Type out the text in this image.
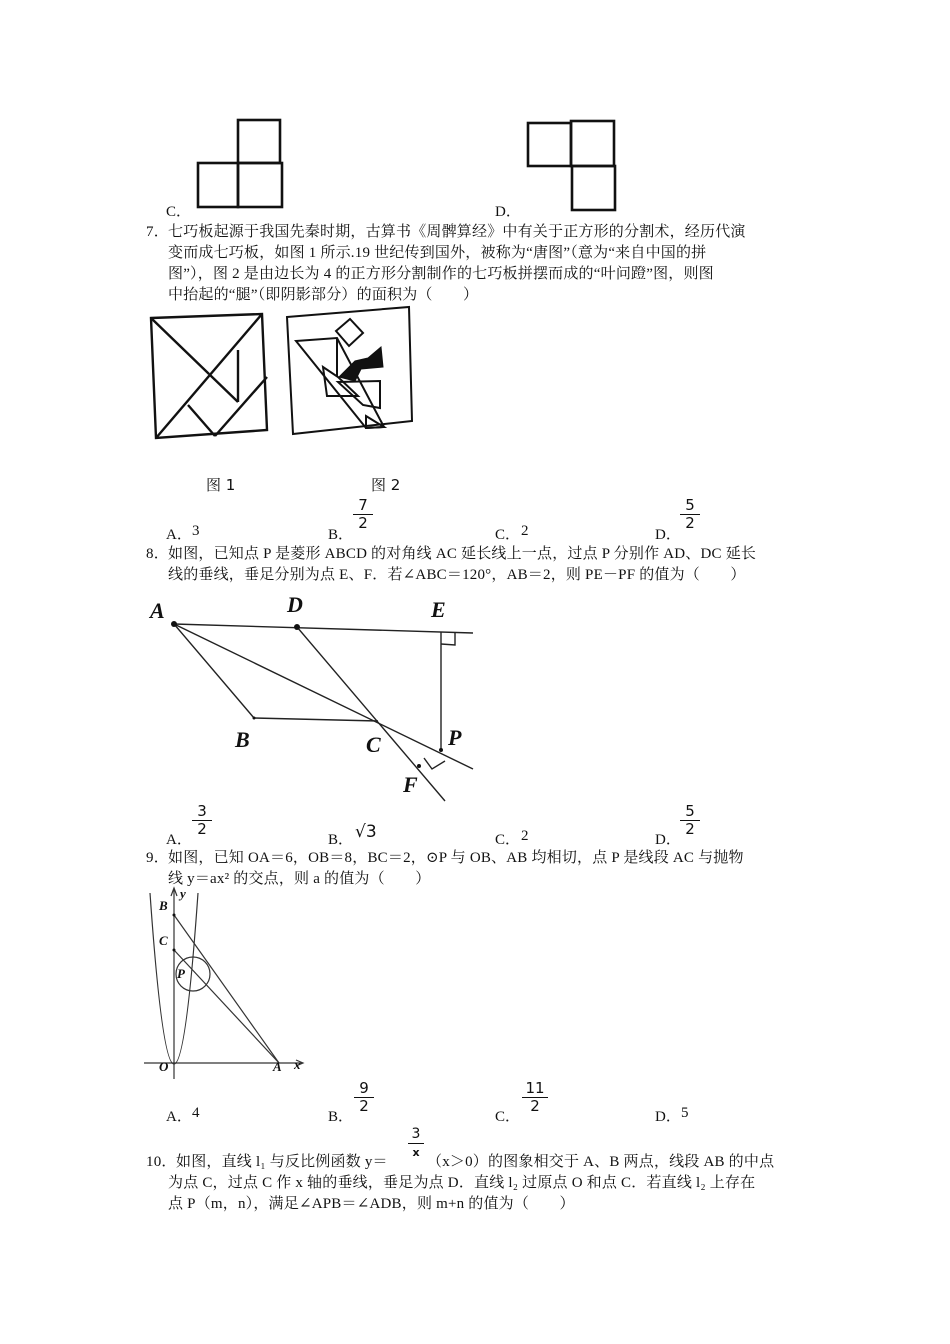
C．	D．
7． 七巧板起源于我国先秦时期，古算书《周髀算经》中有关于正方形的分割术，经历代演
变而成七巧板，如图 1 所示.19 世纪传到国外，被称为“唐图”（意为“来自中国的拼
图”），图 2 是由边长为 4 的正方形分割制作的七巧板拼摆而成的“叶问蹬”图，则图
中抬起的“腿”（即阴影部分）的面积为（　　）
图 1	图 2
A． 3	B．
$\frac{7}{2}$
C． 2	D．
$\frac{5}{2}$
8． 如图，已知点 P 是菱形 ABCD 的对角线 AC 延长线上一点，过点 P 分别作 AD、DC 延长
线的垂线，垂足分别为点 E、F．若∠ABC＝120°，AB＝2，则 PE－PF 的值为（　　）
A	D	E
B	C	P
F
A．
$\frac{3}{2}$
B． √3	C． 2	D．
$\frac{5}{2}$
9． 如图，已知 OA＝6，OB＝8，BC＝2，⊙P 与 OB、AB 均相切，点 P 是线段 AC 与抛物
线 y＝ax² 的交点，则 a 的值为（　　）
B
y
C
P
O	A x
A． 4	B．
$\frac{9}{2}$
C．
$\frac{11}{2}$
D． 5
3
x
10． 如图，直线 l₁ 与反比例函数 y＝	（x＞0）的图象相交于 A、B 两点，线段 AB 的中点
为点 C，过点 C 作 x 轴的垂线，垂足为点 D．直线 l₂ 过原点 O 和点 C．若直线 l₂ 上存在
点 P（m，n），满足∠APB＝∠ADB，则 m+n 的值为（　　）
